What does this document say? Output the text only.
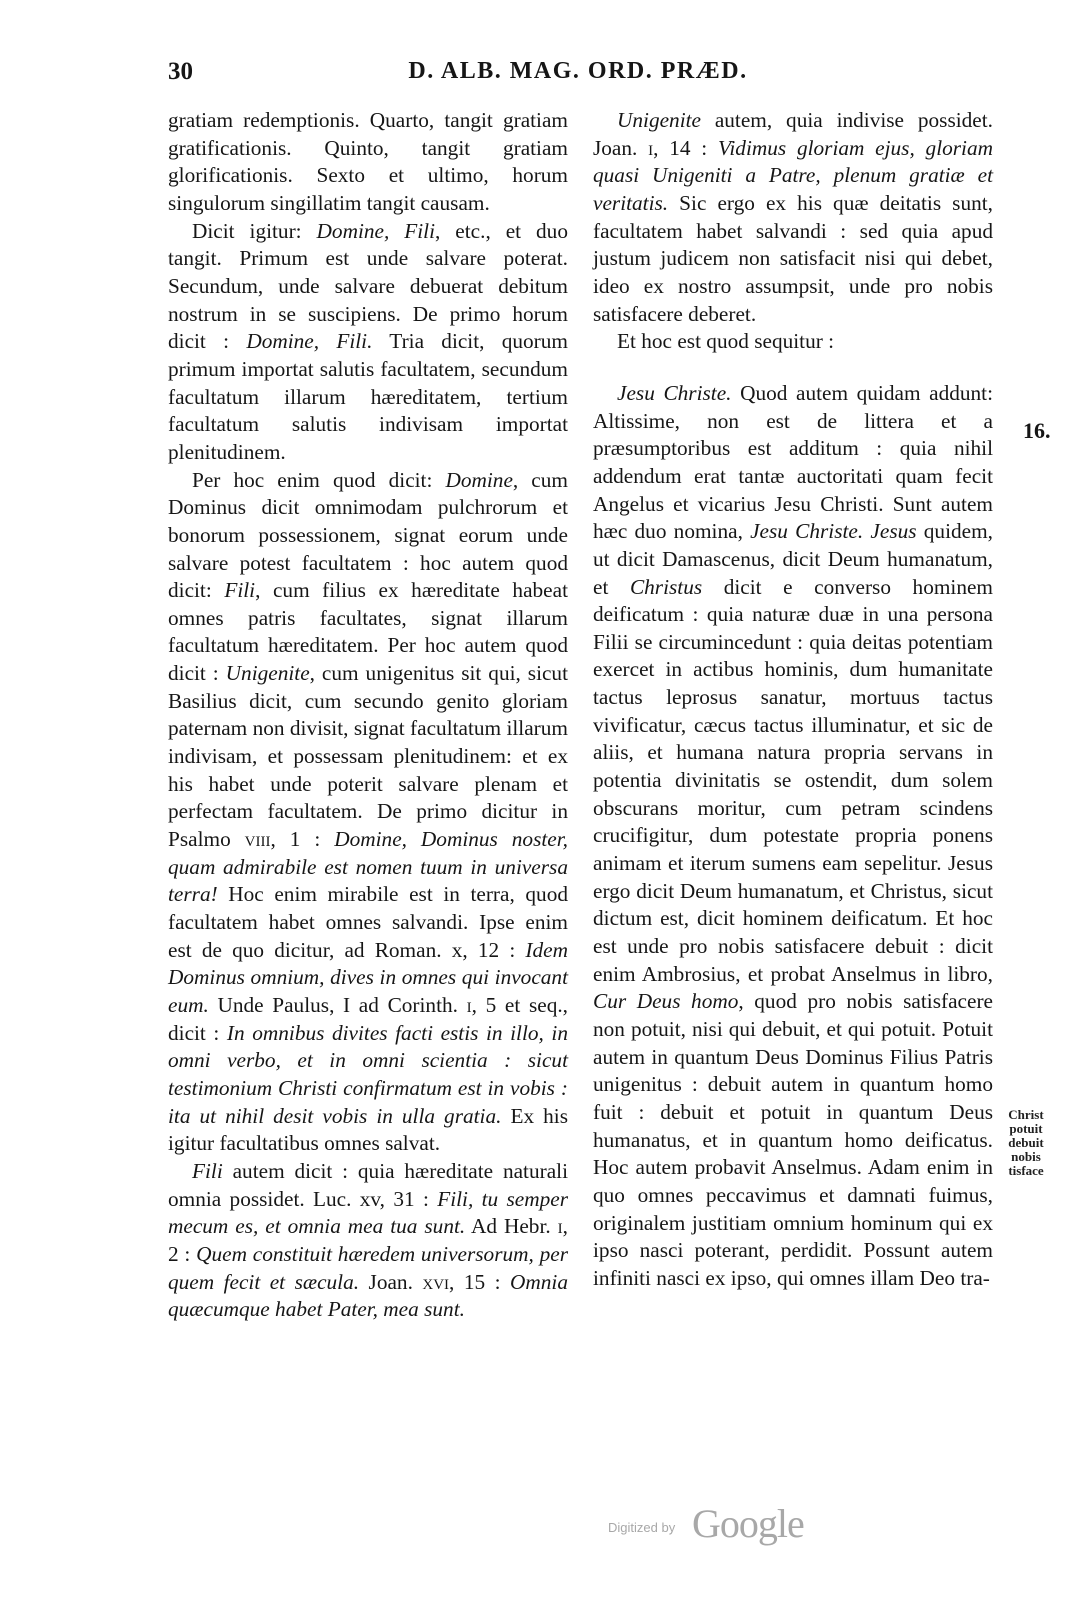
30	D. ALB. MAG. ORD. PRÆD.

gratiam redemptionis. Quarto, tangit gratiam gratificationis. Quinto, tangit gratiam glorificationis. Sexto et ultimo, horum singulorum singillatim tangit causam.

Dicit igitur: Domine, Fili, etc., et duo tangit. Primum est unde salvare poterat. Secundum, unde salvare debuerat debitum nostrum in se suscipiens. De primo horum dicit : Domine, Fili. Tria dicit, quorum primum importat salutis facultatem, secundum facultatum illarum hæreditatem, tertium facultatum salutis indivisam importat plenitudinem.

Per hoc enim quod dicit: Domine, cum Dominus dicit omnimodam pulchrorum et bonorum possessionem, signat eorum unde salvare potest facultatem : hoc autem quod dicit: Fili, cum filius ex hæreditate habeat omnes patris facultates, signat illarum facultatum hæreditatem. Per hoc autem quod dicit : Unigenite, cum unigenitus sit qui, sicut Basilius dicit, cum secundo genito gloriam paternam non divisit, signat facultatum illarum indivisam, et possessam plenitudinem: et ex his habet unde poterit salvare plenam et perfectam facultatem. De primo dicitur in Psalmo viii, 1 : Domine, Dominus noster, quam admirabile est nomen tuum in universa terra! Hoc enim mirabile est in terra, quod facultatem habet omnes salvandi. Ipse enim est de quo dicitur, ad Roman. x, 12 : Idem Dominus omnium, dives in omnes qui invocant eum. Unde Paulus, I ad Corinth. i, 5 et seq., dicit : In omnibus divites facti estis in illo, in omni verbo, et in omni scientia : sicut testimonium Christi confirmatum est in vobis : ita ut nihil desit vobis in ulla gratia. Ex his igitur facultatibus omnes salvat.

Fili autem dicit : quia hæreditate naturali omnia possidet. Luc. xv, 31 : Fili, tu semper mecum es, et omnia mea tua sunt. Ad Hebr. i, 2 : Quem constituit hæredem universorum, per quem fecit et sæcula. Joan. xvi, 15 : Omnia quæcumque habet Pater, mea sunt.

Unigenite autem, quia indivise possidet. Joan. i, 14 : Vidimus gloriam ejus, gloriam quasi Unigeniti a Patre, plenum gratiæ et veritatis. Sic ergo ex his quæ deitatis sunt, facultatem habet salvandi : sed quia apud justum judicem non satisfacit nisi qui debet, ideo ex nostro assumpsit, unde pro nobis satisfacere deberet.

Et hoc est quod sequitur :

Jesu Christe. Quod autem quidam addunt: Altissime, non est de littera et a præsumptoribus est additum : quia nihil addendum erat tantæ auctoritati quam fecit Angelus et vicarius Jesu Christi. Sunt autem hæc duo nomina, Jesu Christe. Jesus quidem, ut dicit Damascenus, dicit Deum humanatum, et Christus dicit e converso hominem deificatum : quia naturæ duæ in una persona Filii se circumincedunt : quia deitas potentiam exercet in actibus hominis, dum humanitate tactus leprosus sanatur, mortuus tactus vivificatur, cæcus tactus illuminatur, et sic de aliis, et humana natura propria servans in potentia divinitatis se ostendit, dum solem obscurans moritur, cum petram scindens crucifigitur, dum potestate propria ponens animam et iterum sumens eam sepelitur. Jesus ergo dicit Deum humanatum, et Christus, sicut dictum est, dicit hominem deificatum. Et hoc est unde pro nobis satisfacere debuit : dicit enim Ambrosius, et probat Anselmus in libro, Cur Deus homo, quod pro nobis satisfacere non potuit, nisi qui debuit, et qui potuit. Potuit autem in quantum Deus Dominus Filius Patris unigenitus : debuit autem in quantum homo fuit : debuit et potuit in quantum Deus humanatus, et in quantum homo deificatus. Hoc autem probavit Anselmus. Adam enim in quo omnes peccavimus et damnati fuimus, originalem justitiam omnium hominum qui ex ipso nasci poterant, perdidit. Possunt autem infiniti nasci ex ipso, qui omnes illam Deo tra-

16.
Christ
potuit
debuit
nobis
tisface
Digitized by Google
